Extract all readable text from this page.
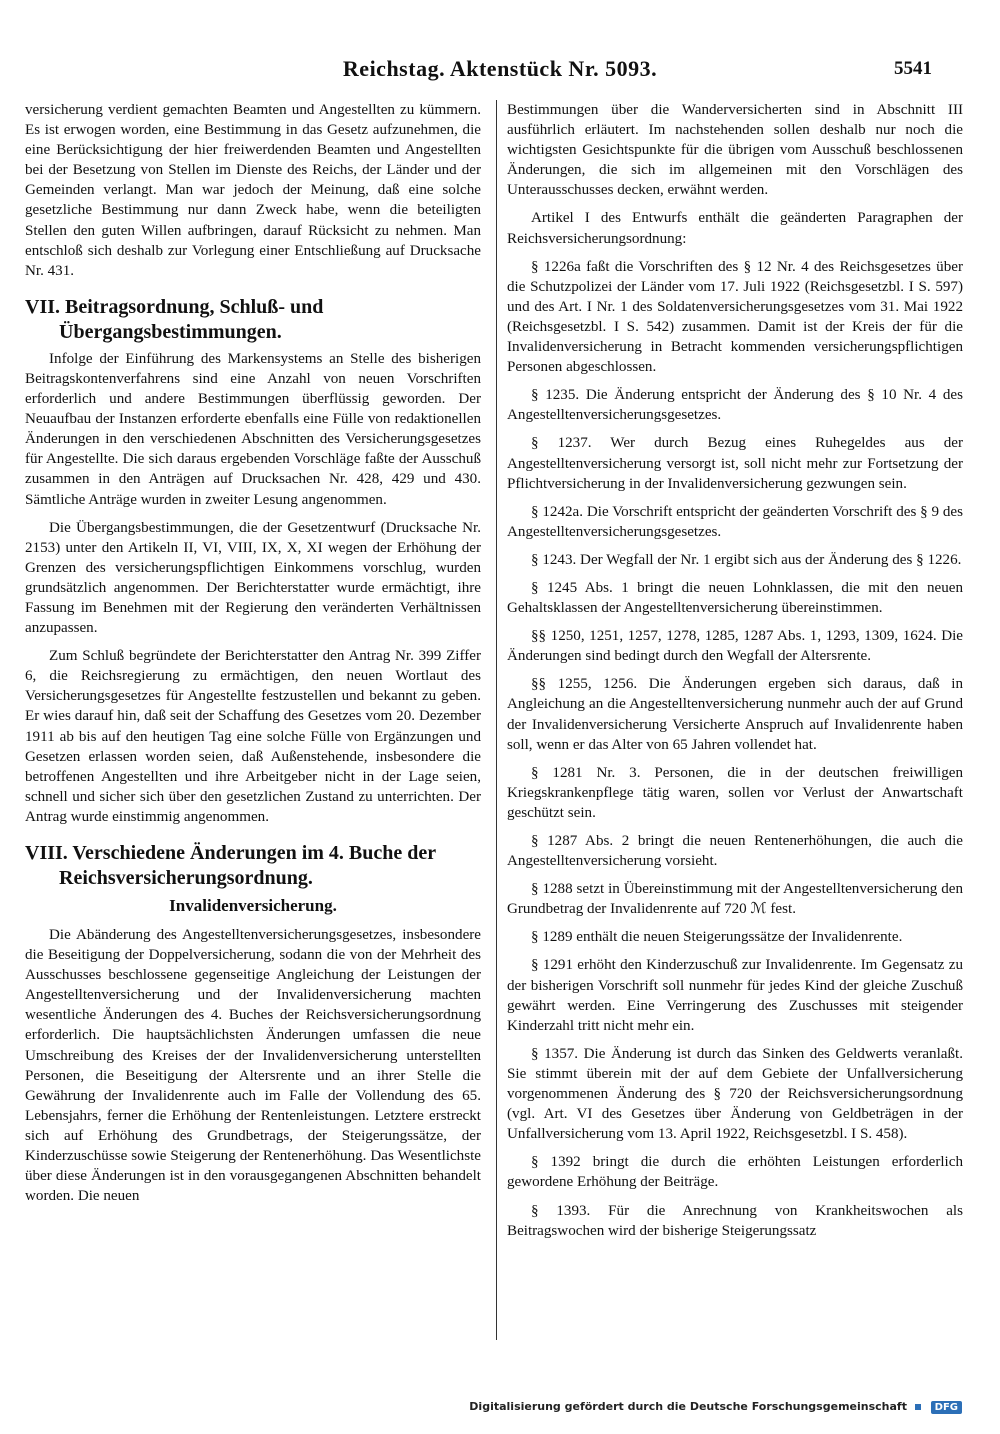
Reichstag. Aktenstück Nr. 5093.	5541

versicherung verdient gemachten Beamten und Angestellten zu kümmern. Es ist erwogen worden, eine Bestimmung in das Gesetz aufzunehmen, die eine Berücksichtigung der hier freiwerdenden Beamten und Angestellten bei der Besetzung von Stellen im Dienste des Reichs, der Länder und der Gemeinden verlangt. Man war jedoch der Meinung, daß eine solche gesetzliche Bestimmung nur dann Zweck habe, wenn die beteiligten Stellen den guten Willen aufbringen, darauf Rücksicht zu nehmen. Man entschloß sich deshalb zur Vorlegung einer Entschließung auf Drucksache Nr. 431.

VII. Beitragsordnung, Schluß- und Übergangsbestimmungen.

Infolge der Einführung des Markensystems an Stelle des bisherigen Beitragskontenverfahrens sind eine Anzahl von neuen Vorschriften erforderlich und andere Bestimmungen überflüssig geworden. Der Neuaufbau der Instanzen erforderte ebenfalls eine Fülle von redaktionellen Änderungen in den verschiedenen Abschnitten des Versicherungsgesetzes für Angestellte. Die sich daraus ergebenden Vorschläge faßte der Ausschuß zusammen in den Anträgen auf Drucksachen Nr. 428, 429 und 430. Sämtliche Anträge wurden in zweiter Lesung angenommen.

Die Übergangsbestimmungen, die der Gesetzentwurf (Drucksache Nr. 2153) unter den Artikeln II, VI, VIII, IX, X, XI wegen der Erhöhung der Grenzen des versicherungspflichtigen Einkommens vorschlug, wurden grundsätzlich angenommen. Der Berichterstatter wurde ermächtigt, ihre Fassung im Benehmen mit der Regierung den veränderten Verhältnissen anzupassen.

Zum Schluß begründete der Berichterstatter den Antrag Nr. 399 Ziffer 6, die Reichsregierung zu ermächtigen, den neuen Wortlaut des Versicherungsgesetzes für Angestellte festzustellen und bekannt zu geben. Er wies darauf hin, daß seit der Schaffung des Gesetzes vom 20. Dezember 1911 ab bis auf den heutigen Tag eine solche Fülle von Ergänzungen und Gesetzen erlassen worden seien, daß Außenstehende, insbesondere die betroffenen Angestellten und ihre Arbeitgeber nicht in der Lage seien, schnell und sicher sich über den gesetzlichen Zustand zu unterrichten. Der Antrag wurde einstimmig angenommen.

VIII. Verschiedene Änderungen im 4. Buche der Reichsversicherungsordnung.
Invalidenversicherung.

Die Abänderung des Angestelltenversicherungsgesetzes, insbesondere die Beseitigung der Doppelversicherung, sodann die von der Mehrheit des Ausschusses beschlossene gegenseitige Angleichung der Leistungen der Angestelltenversicherung und der Invalidenversicherung machten wesentliche Änderungen des 4. Buches der Reichsversicherungsordnung erforderlich. Die hauptsächlichsten Änderungen umfassen die neue Umschreibung des Kreises der der Invalidenversicherung unterstellten Personen, die Beseitigung der Altersrente und an ihrer Stelle die Gewährung der Invalidenrente auch im Falle der Vollendung des 65. Lebensjahrs, ferner die Erhöhung der Rentenleistungen. Letztere erstreckt sich auf Erhöhung des Grundbetrags, der Steigerungssätze, der Kinderzuschüsse sowie Steigerung der Rentenerhöhung. Das Wesentlichste über diese Änderungen ist in den vorausgegangenen Abschnitten behandelt worden. Die neuen

Bestimmungen über die Wanderversicherten sind in Abschnitt III ausführlich erläutert. Im nachstehenden sollen deshalb nur noch die wichtigsten Gesichtspunkte für die übrigen vom Ausschuß beschlossenen Änderungen, die sich im allgemeinen mit den Vorschlägen des Unterausschusses decken, erwähnt werden.

Artikel I des Entwurfs enthält die geänderten Paragraphen der Reichsversicherungsordnung:

§ 1226a faßt die Vorschriften des § 12 Nr. 4 des Reichsgesetzes über die Schutzpolizei der Länder vom 17. Juli 1922 (Reichsgesetzbl. I S. 597) und des Art. I Nr. 1 des Soldatenversicherungsgesetzes vom 31. Mai 1922 (Reichsgesetzbl. I S. 542) zusammen. Damit ist der Kreis der für die Invalidenversicherung in Betracht kommenden versicherungspflichtigen Personen abgeschlossen.

§ 1235. Die Änderung entspricht der Änderung des § 10 Nr. 4 des Angestelltenversicherungsgesetzes.

§ 1237. Wer durch Bezug eines Ruhegeldes aus der Angestelltenversicherung versorgt ist, soll nicht mehr zur Fortsetzung der Pflichtversicherung in der Invalidenversicherung gezwungen sein.

§ 1242a. Die Vorschrift entspricht der geänderten Vorschrift des § 9 des Angestelltenversicherungsgesetzes.

§ 1243. Der Wegfall der Nr. 1 ergibt sich aus der Änderung des § 1226.

§ 1245 Abs. 1 bringt die neuen Lohnklassen, die mit den neuen Gehaltsklassen der Angestelltenversicherung übereinstimmen.

§§ 1250, 1251, 1257, 1278, 1285, 1287 Abs. 1, 1293, 1309, 1624. Die Änderungen sind bedingt durch den Wegfall der Altersrente.

§§ 1255, 1256. Die Änderungen ergeben sich daraus, daß in Angleichung an die Angestelltenversicherung nunmehr auch der auf Grund der Invalidenversicherung Versicherte Anspruch auf Invalidenrente haben soll, wenn er das Alter von 65 Jahren vollendet hat.

§ 1281 Nr. 3. Personen, die in der deutschen freiwilligen Kriegskrankenpflege tätig waren, sollen vor Verlust der Anwartschaft geschützt sein.

§ 1287 Abs. 2 bringt die neuen Rentenerhöhungen, die auch die Angestelltenversicherung vorsieht.

§ 1288 setzt in Übereinstimmung mit der Angestelltenversicherung den Grundbetrag der Invalidenrente auf 720 ℳ fest.

§ 1289 enthält die neuen Steigerungssätze der Invalidenrente.

§ 1291 erhöht den Kinderzuschuß zur Invalidenrente. Im Gegensatz zu der bisherigen Vorschrift soll nunmehr für jedes Kind der gleiche Zuschuß gewährt werden. Eine Verringerung des Zuschusses mit steigender Kinderzahl tritt nicht mehr ein.

§ 1357. Die Änderung ist durch das Sinken des Geldwerts veranlaßt. Sie stimmt überein mit der auf dem Gebiete der Unfallversicherung vorgenommenen Änderung des § 720 der Reichsversicherungsordnung (vgl. Art. VI des Gesetzes über Änderung von Geldbeträgen in der Unfallversicherung vom 13. April 1922, Reichsgesetzbl. I S. 458).

§ 1392 bringt die durch die erhöhten Leistungen erforderlich gewordene Erhöhung der Beiträge.

§ 1393. Für die Anrechnung von Krankheitswochen als Beitragswochen wird der bisherige Steigerungssatz

Digitalisierung gefördert durch die Deutsche Forschungsgemeinschaft	DFG
